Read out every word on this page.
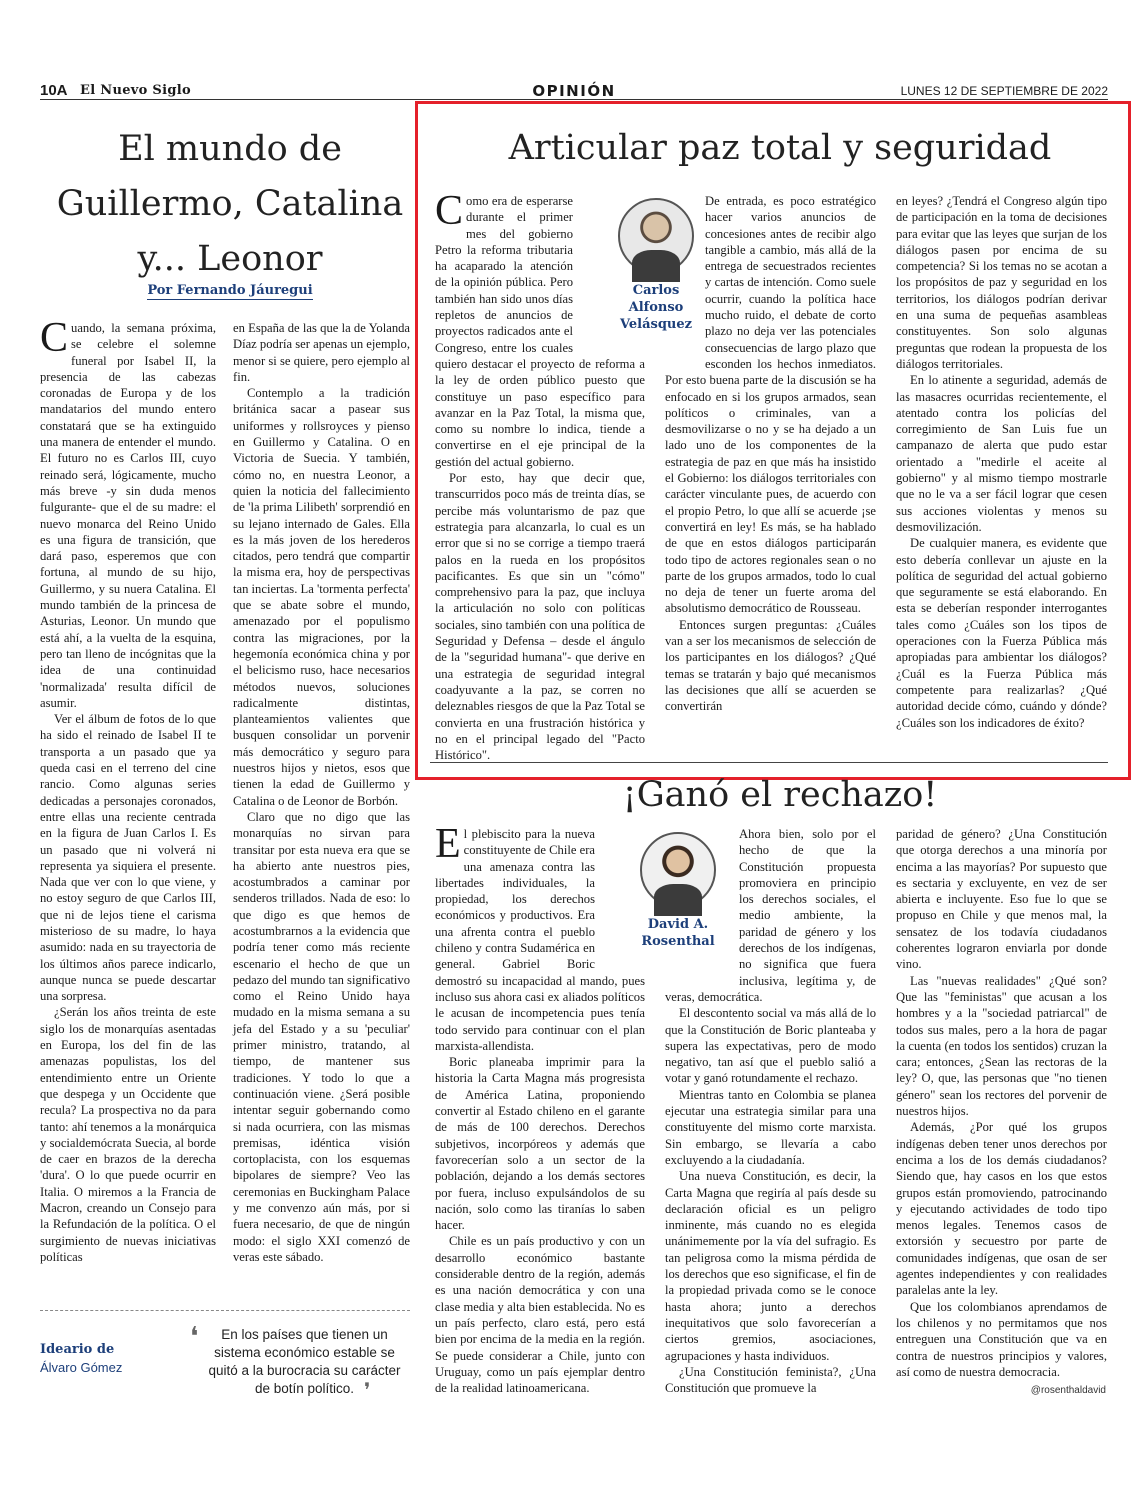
10A El Nuevo Siglo	OPINIÓN	LUNES 12 DE SEPTIEMBRE DE 2022
El mundo de Guillermo, Catalina y... Leonor
Por Fernando Jáuregui

Cuando, la semana próxima, se celebre el solemne funeral por Isabel II, la presencia de las cabezas coronadas de Europa y de los mandatarios del mundo entero constatará que se ha extinguido una manera de entender el mundo. El futuro no es Carlos III, cuyo reinado será, lógicamente, mucho más breve -y sin duda menos fulgurante- que el de su madre: el nuevo monarca del Reino Unido es una figura de transición, que dará paso, esperemos que con fortuna, al mundo de su hijo, Guillermo, y su nuera Catalina. El mundo también de la princesa de Asturias, Leonor. Un mundo que está ahí, a la vuelta de la esquina, pero tan lleno de incógnitas que la idea de una continuidad 'normalizada' resulta difícil de asumir.

Ver el álbum de fotos de lo que ha sido el reinado de Isabel II te transporta a un pasado que ya queda casi en el terreno del cine rancio. Como algunas series dedicadas a personajes coronados, entre ellas una reciente centrada en la figura de Juan Carlos I. Es un pasado que ni volverá ni representa ya siquiera el presente. Nada que ver con lo que viene, y no estoy seguro de que Carlos III, que ni de lejos tiene el carisma misterioso de su madre, lo haya asumido: nada en su trayectoria de los últimos años parece indicarlo, aunque nunca se puede descartar una sorpresa.

¿Serán los años treinta de este siglo los de monarquías asentadas en Europa, los del fin de las amenazas populistas, los del entendimiento entre un Oriente que despega y un Occidente que recula? La prospectiva no da para tanto: ahí tenemos a la monárquica y socialdemócrata Suecia, al borde de caer en brazos de la derecha 'dura'. O lo que puede ocurrir en Italia. O miremos a la Francia de Macron, creando un Consejo para la Refundación de la política. O el surgimiento de nuevas iniciativas políticas

en España de las que la de Yolanda Díaz podría ser apenas un ejemplo, menor si se quiere, pero ejemplo al fin.

Contemplo a la tradición británica sacar a pasear sus uniformes y rollsroyces y pienso en Guillermo y Catalina. O en Victoria de Suecia. Y también, cómo no, en nuestra Leonor, a quien la noticia del fallecimiento de 'la prima Lilibeth' sorprendió en su lejano internado de Gales. Ella es la más joven de los herederos citados, pero tendrá que compartir la misma era, hoy de perspectivas tan inciertas. La 'tormenta perfecta' que se abate sobre el mundo, amenazado por el populismo contra las migraciones, por la hegemonía económica china y por el belicismo ruso, hace necesarios métodos nuevos, soluciones radicalmente distintas, planteamientos valientes que busquen consolidar un porvenir más democrático y seguro para nuestros hijos y nietos, esos que tienen la edad de Guillermo y Catalina o de Leonor de Borbón.

Claro que no digo que las monarquías no sirvan para transitar por esta nueva era que se ha abierto ante nuestros pies, acostumbrados a caminar por senderos trillados. Nada de eso: lo que digo es que hemos de acostumbrarnos a la evidencia que podría tener como más reciente escenario el hecho de que un pedazo del mundo tan significativo como el Reino Unido haya mudado en la misma semana a su jefa del Estado y a su 'peculiar' primer ministro, tratando, al tiempo, de mantener sus tradiciones. Y todo lo que a continuación viene. ¿Será posible intentar seguir gobernando como si nada ocurriera, con las mismas premisas, idéntica visión cortoplacista, con los esquemas bipolares de siempre? Veo las ceremonias en Buckingham Palace y me convenzo aún más, por si fuera necesario, de que de ningún modo: el siglo XXI comenzó de veras este sábado.

Ideario de
Álvaro Gómez
❛	En los países que tienen un sistema económico estable se quitó a la burocracia su carácter de botín político. ❜
Articular paz total y seguridad
Carlos Alfonso Velásquez

Como era de esperarse durante el primer mes del gobierno Petro la reforma tributaria ha acaparado la atención de la opinión pública. Pero también han sido unos días repletos de anuncios de proyectos radicados ante el Congreso, entre los cuales quiero destacar el proyecto de reforma a la ley de orden público puesto que constituye un paso específico para avanzar en la Paz Total, la misma que, como su nombre lo indica, tiende a convertirse en el eje principal de la gestión del actual gobierno.

Por esto, hay que decir que, transcurridos poco más de treinta días, se percibe más voluntarismo de paz que estrategia para alcanzarla, lo cual es un error que si no se corrige a tiempo traerá palos en la rueda en los propósitos pacificantes. Es que sin un "cómo" comprehensivo para la paz, que incluya la articulación no solo con políticas sociales, sino también con una política de Seguridad y Defensa – desde el ángulo de la "seguridad humana"- que derive en una estrategia de seguridad integral coadyuvante a la paz, se corren no deleznables riesgos de que la Paz Total se convierta en una frustración histórica y no en el principal legado del "Pacto Histórico".

De entrada, es poco estratégico hacer varios anuncios de concesiones antes de recibir algo tangible a cambio, más allá de la entrega de secuestrados recientes y cartas de intención. Como suele ocurrir, cuando la política hace mucho ruido, el debate de corto plazo no deja ver las potenciales consecuencias de largo plazo que esconden los hechos inmediatos. Por esto buena parte de la discusión se ha enfocado en si los grupos armados, sean políticos o criminales, van a desmovilizarse o no y se ha dejado a un lado uno de los componentes de la estrategia de paz en que más ha insistido el Gobierno: los diálogos territoriales con carácter vinculante pues, de acuerdo con el propio Petro, lo que allí se acuerde ¡se convertirá en ley! Es más, se ha hablado de que en estos diálogos participarán todo tipo de actores regionales sean o no parte de los grupos armados, todo lo cual no deja de tener un fuerte aroma del absolutismo democrático de Rousseau.

Entonces surgen preguntas: ¿Cuáles van a ser los mecanismos de selección de los participantes en los diálogos? ¿Qué temas se tratarán y bajo qué mecanismos las decisiones que allí se acuerden se convertirán

en leyes? ¿Tendrá el Congreso algún tipo de participación en la toma de decisiones para evitar que las leyes que surjan de los diálogos pasen por encima de su competencia? Si los temas no se acotan a los propósitos de paz y seguridad en los territorios, los diálogos podrían derivar en una suma de pequeñas asambleas constituyentes. Son solo algunas preguntas que rodean la propuesta de los diálogos territoriales.

En lo atinente a seguridad, además de las masacres ocurridas recientemente, el atentado contra los policías del corregimiento de San Luis fue un campanazo de alerta que pudo estar orientado a "medirle el aceite al gobierno" y al mismo tiempo mostrarle que no le va a ser fácil lograr que cesen sus acciones violentas y menos su desmovilización.

De cualquier manera, es evidente que esto debería conllevar un ajuste en la política de seguridad del actual gobierno que seguramente se está elaborando. En esta se deberían responder interrogantes tales como ¿Cuáles son los tipos de operaciones con la Fuerza Pública más apropiadas para ambientar los diálogos? ¿Cuál es la Fuerza Pública más competente para realizarlas? ¿Qué autoridad decide cómo, cuándo y dónde? ¿Cuáles son los indicadores de éxito?

¡Ganó el rechazo!
David A. Rosenthal

El plebiscito para la nueva constituyente de Chile era una amenaza contra las libertades individuales, la propiedad, los derechos económicos y productivos. Era una afrenta contra el pueblo chileno y contra Sudamérica en general. Gabriel Boric demostró su incapacidad al mando, pues incluso sus ahora casi ex aliados políticos le acusan de incompetencia pues tenía todo servido para continuar con el plan marxista-allendista.

Boric planeaba imprimir para la historia la Carta Magna más progresista de América Latina, proponiendo convertir al Estado chileno en el garante de más de 100 derechos. Derechos subjetivos, incorpóreos y además que favorecerían solo a un sector de la población, dejando a los demás sectores por fuera, incluso expulsándolos de su nación, solo como las tiranías lo saben hacer.

Chile es un país productivo y con un desarrollo económico bastante considerable dentro de la región, además es una nación democrática y con una clase media y alta bien establecida. No es un país perfecto, claro está, pero está bien por encima de la media en la región. Se puede considerar a Chile, junto con Uruguay, como un país ejemplar dentro de la realidad latinoamericana.

Ahora bien, solo por el hecho de que la Constitución propuesta promoviera en principio los derechos sociales, el medio ambiente, la paridad de género y los derechos de los indígenas, no significa que fuera inclusiva, legítima y, de veras, democrática.

El descontento social va más allá de lo que la Constitución de Boric planteaba y supera las expectativas, pero de modo negativo, tan así que el pueblo salió a votar y ganó rotundamente el rechazo.

Mientras tanto en Colombia se planea ejecutar una estrategia similar para una constituyente del mismo corte marxista. Sin embargo, se llevaría a cabo excluyendo a la ciudadanía.

Una nueva Constitución, es decir, la Carta Magna que regiría al país desde su declaración oficial es un peligro inminente, más cuando no es elegida unánimemente por la vía del sufragio. Es tan peligrosa como la misma pérdida de los derechos que eso significase, el fin de la propiedad privada como se le conoce hasta ahora; junto a derechos inequitativos que solo favorecerían a ciertos gremios, asociaciones, agrupaciones y hasta individuos.

¿Una Constitución feminista?, ¿Una Constitución que promueve la

paridad de género? ¿Una Constitución que otorga derechos a una minoría por encima a las mayorías? Por supuesto que es sectaria y excluyente, en vez de ser abierta e incluyente. Eso fue lo que se propuso en Chile y que menos mal, la sensatez de los todavía ciudadanos coherentes lograron enviarla por donde vino.

Las "nuevas realidades" ¿Qué son? Que las "feministas" que acusan a los hombres y a la "sociedad patriarcal" de todos sus males, pero a la hora de pagar la cuenta (en todos los sentidos) cruzan la cara; entonces, ¿Sean las rectoras de la ley? O, que, las personas que "no tienen género" sean los rectores del porvenir de nuestros hijos.

Además, ¿Por qué los grupos indígenas deben tener unos derechos por encima a los de los demás ciudadanos? Siendo que, hay casos en los que estos grupos están promoviendo, patrocinando y ejecutando actividades de todo tipo menos legales. Tenemos casos de extorsión y secuestro por parte de comunidades indígenas, que osan de ser agentes independientes y con realidades paralelas ante la ley.

Que los colombianos aprendamos de los chilenos y no permitamos que nos entreguen una Constitución que va en contra de nuestros principios y valores, así como de nuestra democracia.

@rosenthaldavid
